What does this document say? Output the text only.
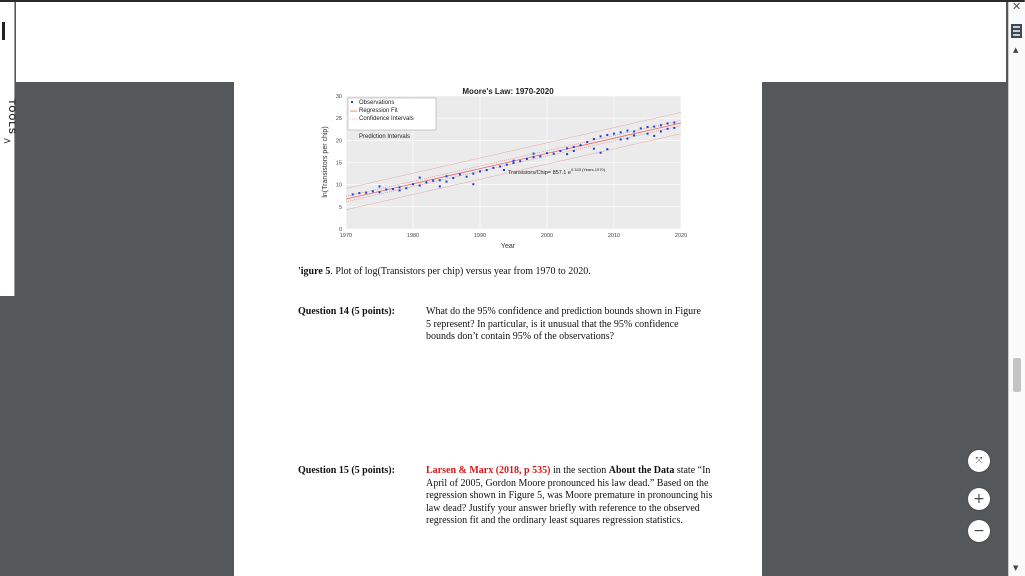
TOOLS
>
✕
▲
▼
Moore's Law: 1970-2020
0
5
10
15
20
25
30
1970	1980	1990	2000	2010	2020
Year
ln(Transistors per chip)
Observations
Regression Fit
Confidence Intervals
Prediction Intervals
Transistors/Chip= 857.1 $e^{0.343 (Years-1970)}$
'igure 5. Plot of log(Transistors per chip) versus year from 1970 to 2020.
Question 14 (5 points):	What do the 95% confidence and prediction bounds shown in Figure 5 represent? In particular, is it unusual that the 95% confidence bounds don’t contain 95% of the observations?
Question 15 (5 points):	Larsen & Marx (2018, p 535) in the section About the Data state “In April of 2005, Gordon Moore pronounced his law dead.” Based on the regression shown in Figure 5, was Moore premature in pronouncing his law dead? Justify your answer briefly with reference to the observed regression fit and the ordinary least squares regression statistics.
⤧
+
−
